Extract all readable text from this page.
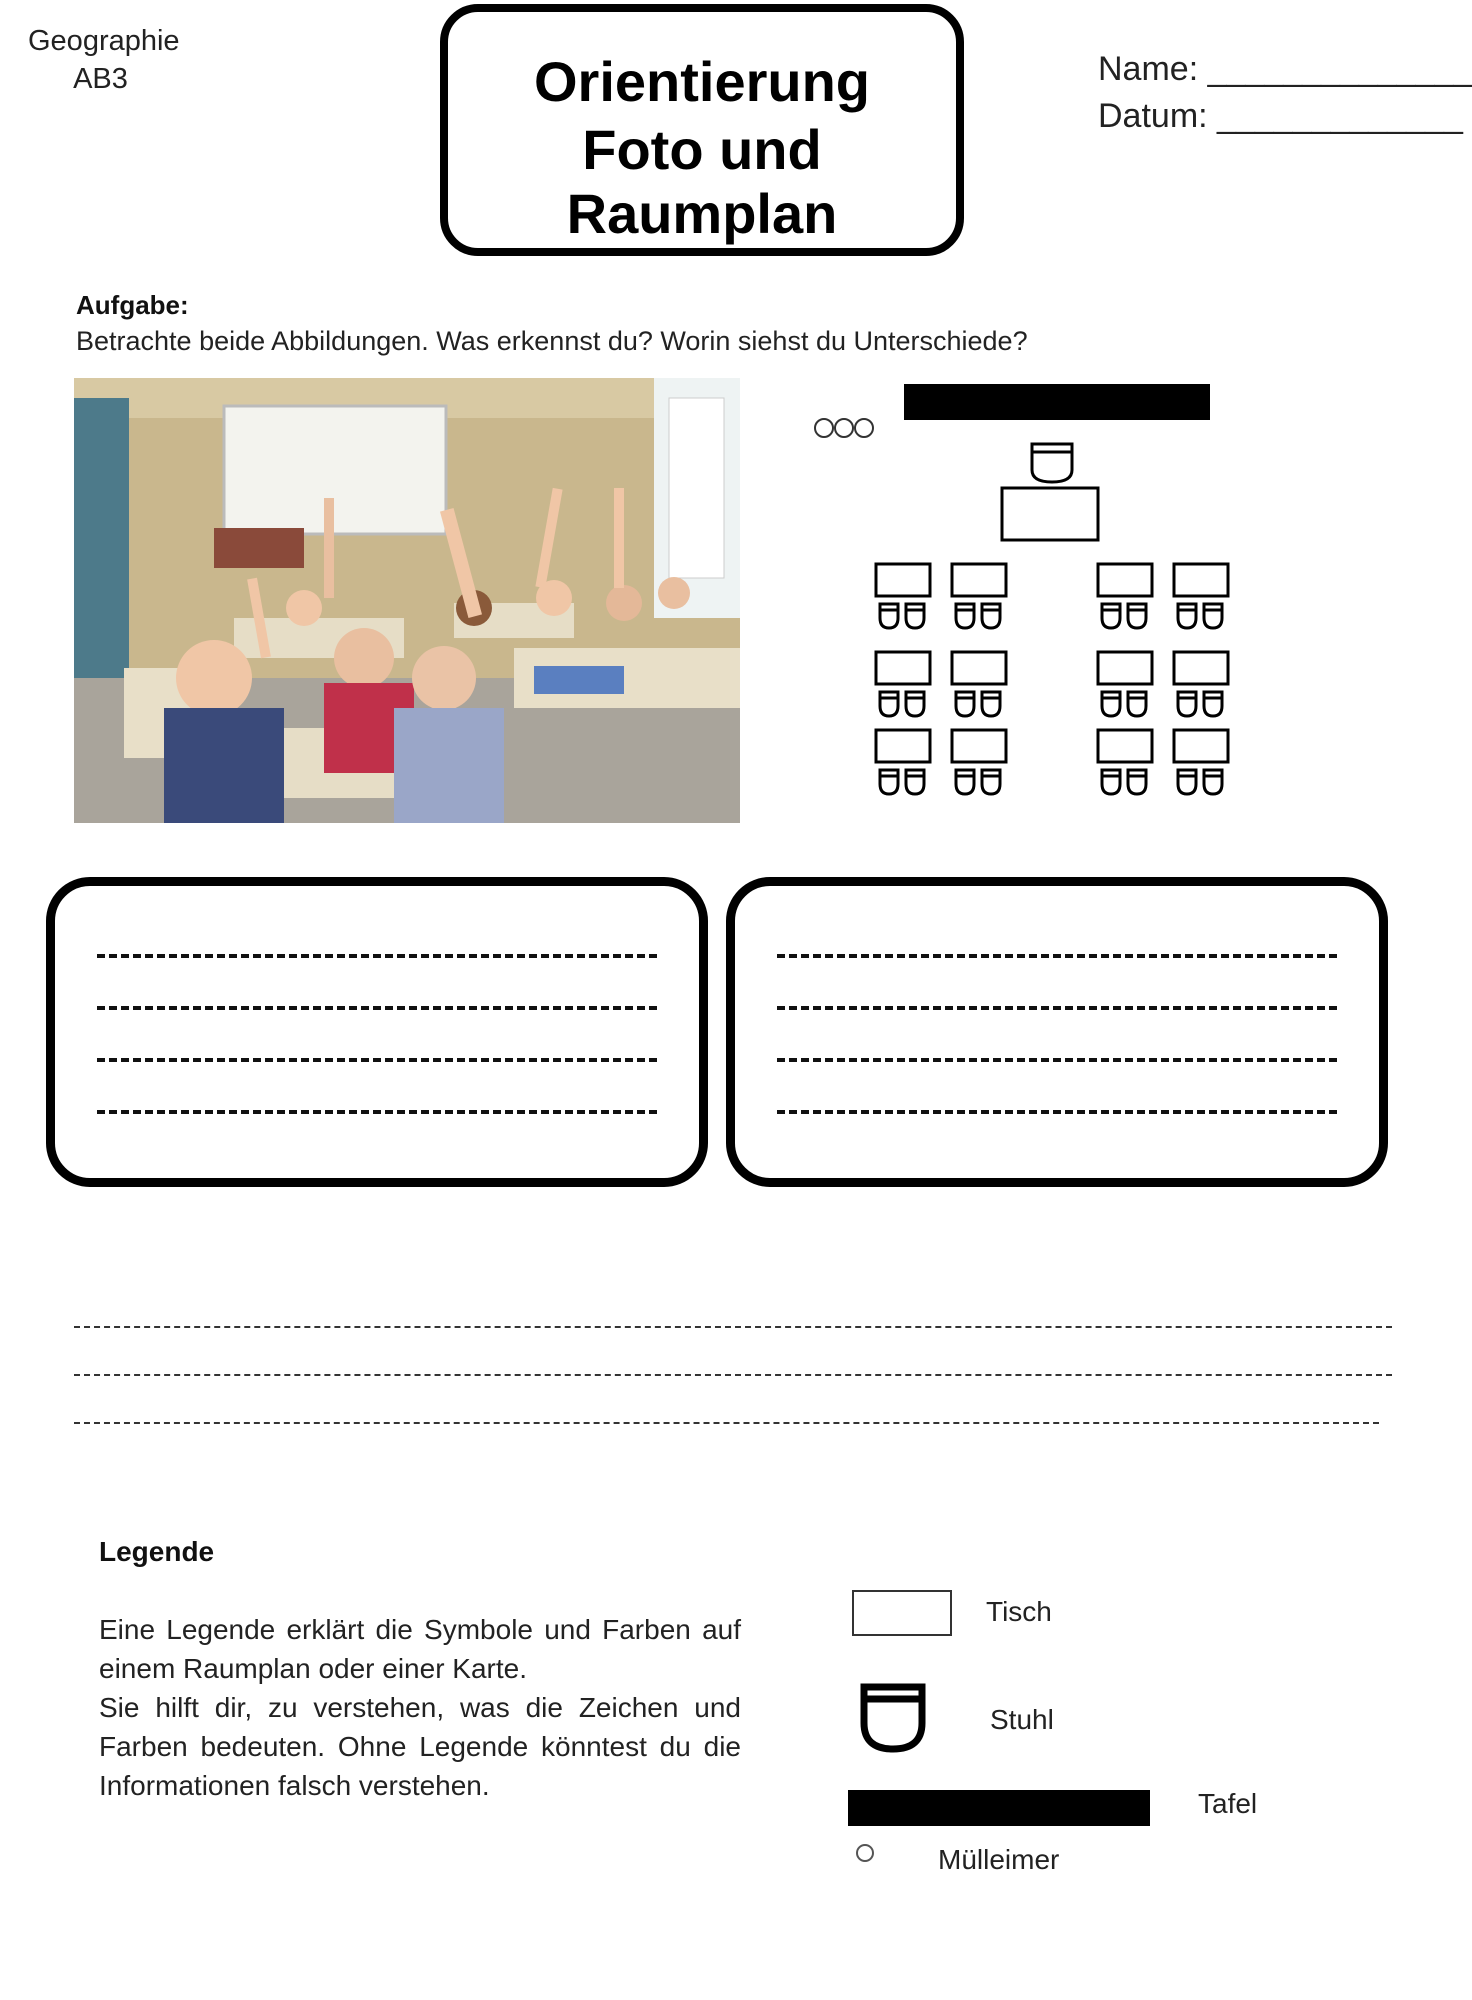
Geographie
AB3	Orientierung
Foto und Raumplan
Name: ______________
Datum: _____________
Aufgabe:
Betrachte beide Abbildungen. Was erkennst du? Worin siehst du Unterschiede?
Legende
Eine Legende erklärt die Symbole und Farben auf einem Raumplan oder einer Karte.
Sie hilft dir, zu verstehen, was die Zeichen und Farben bedeuten. Ohne Legende könntest du die Informationen falsch verstehen.
Tisch
Stuhl
Tafel
Mülleimer
